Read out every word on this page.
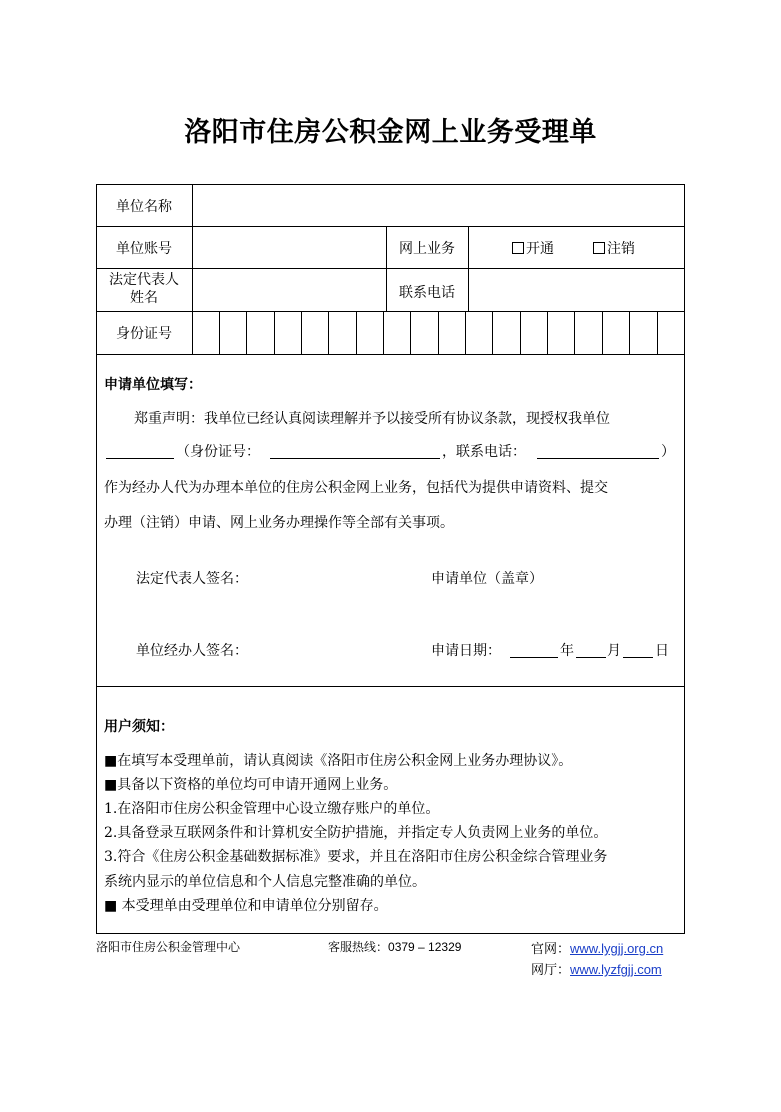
洛阳市住房公积金网上业务受理单
单位名称
单位账号	网上业务	开通	注销
法定代表人
姓名	联系电话
身份证号
申请单位填写：
郑重声明：我单位已经认真阅读理解并予以接受所有协议条款，现授权我单位
（身份证号：	，联系电话：	）
作为经办人代为办理本单位的住房公积金网上业务，包括代为提供申请资料、提交
办理（注销）申请、网上业务办理操作等全部有关事项。
法定代表人签名：	申请单位（盖章）
单位经办人签名：	申请日期：	年 月 日
用户须知：
■在填写本受理单前，请认真阅读《洛阳市住房公积金网上业务办理协议》。
■具备以下资格的单位均可申请开通网上业务。
1.在洛阳市住房公积金管理中心设立缴存账户的单位。
2.具备登录互联网条件和计算机安全防护措施，并指定专人负责网上业务的单位。
3.符合《住房公积金基础数据标准》要求，并且在洛阳市住房公积金综合管理业务
系统内显示的单位信息和个人信息完整准确的单位。
■ 本受理单由受理单位和申请单位分别留存。
洛阳市住房公积金管理中心	客服热线：0379 – 12329	官网：www.lygjj.org.cn
网厅：www.lyzfgjj.com
